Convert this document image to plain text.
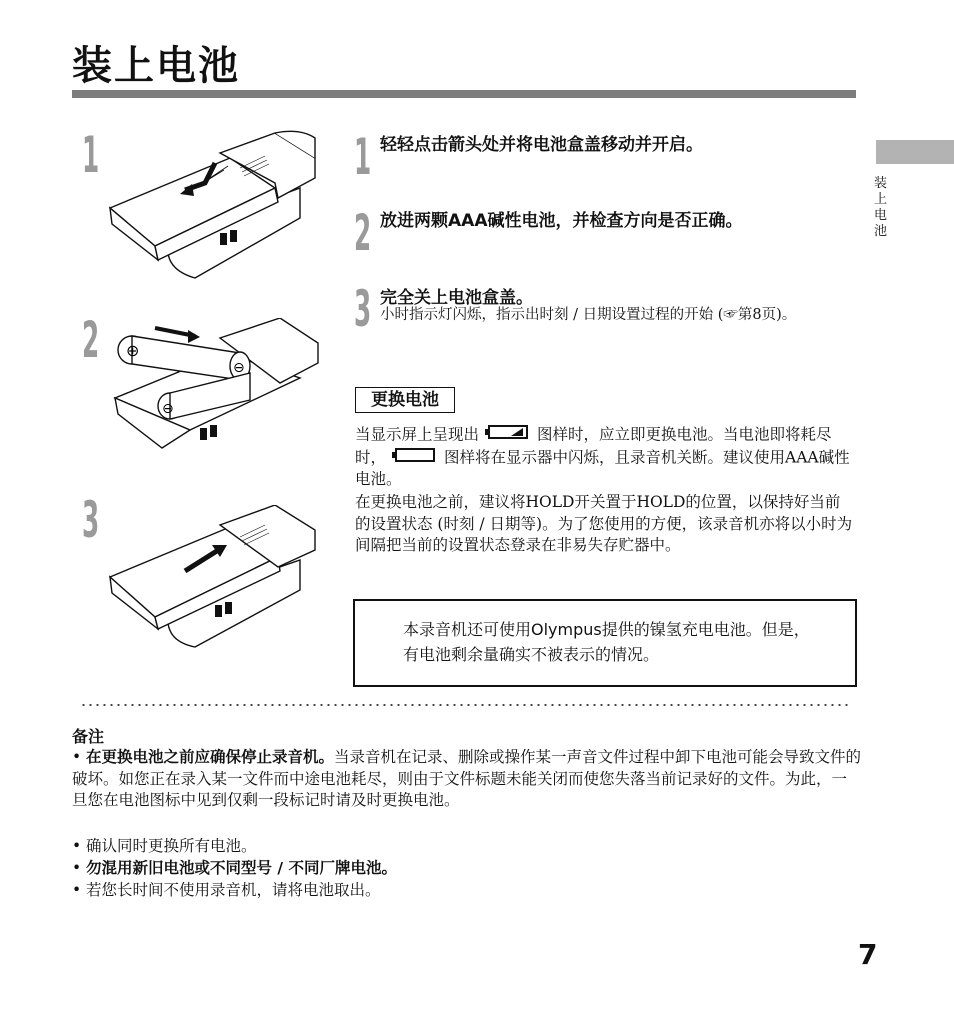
装上电池
装上电池
1
2
3
⊕
⊖
⊖
1 轻轻点击箭头处并将电池盒盖移动并开启。
2 放进两颗AAA碱性电池，并检查方向是否正确。
3 完全关上电池盒盖。
小时指示灯闪烁，指示出时刻 / 日期设置过程的开始 (☞第8页)。
更换电池
当显示屏上呈现出	图样时，应立即更换电池。当电池即将耗尽时，	图样将在显示器中闪烁，且录音机关断。建议使用AAA碱性电池。
在更换电池之前，建议将HOLD开关置于HOLD的位置，以保持好当前的设置状态 (时刻 / 日期等)。为了您使用的方便，该录音机亦将以小时为间隔把当前的设置状态登录在非易失存贮器中。
本录音机还可使用Olympus提供的镍氢充电电池。但是，有电池剩余量确实不被表示的情况。
备注
• 在更换电池之前应确保停止录音机。当录音机在记录、删除或操作某一声音文件过程中卸下电池可能会导致文件的破坏。如您正在录入某一文件而中途电池耗尽，则由于文件标题未能关闭而使您失落当前记录好的文件。为此，一旦您在电池图标中见到仅剩一段标记时请及时更换电池。
• 确认同时更换所有电池。
• 勿混用新旧电池或不同型号 / 不同厂牌电池。
• 若您长时间不使用录音机，请将电池取出。
7
